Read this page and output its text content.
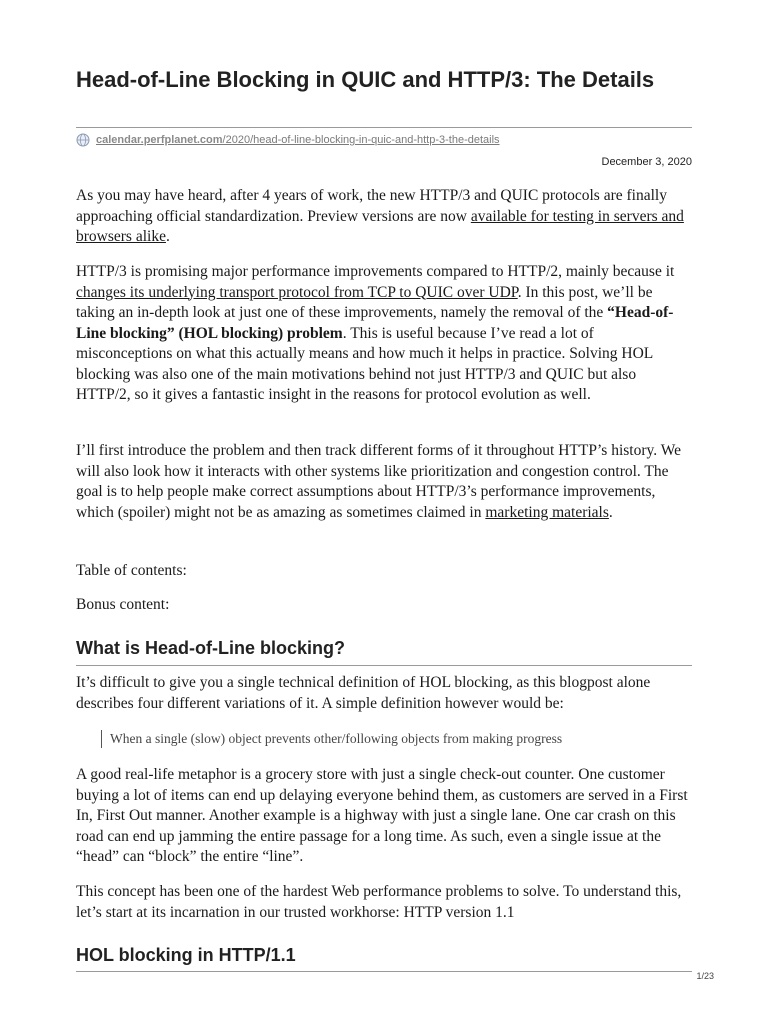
Head-of-Line Blocking in QUIC and HTTP/3: The Details
calendar.perfplanet.com/2020/head-of-line-blocking-in-quic-and-http-3-the-details
December 3, 2020

As you may have heard, after 4 years of work, the new HTTP/3 and QUIC protocols are finally approaching official standardization. Preview versions are now available for testing in servers and browsers alike.

HTTP/3 is promising major performance improvements compared to HTTP/2, mainly because it changes its underlying transport protocol from TCP to QUIC over UDP. In this post, we’ll be taking an in-depth look at just one of these improvements, namely the removal of the “Head-of-Line blocking” (HOL blocking) problem. This is useful because I’ve read a lot of misconceptions on what this actually means and how much it helps in practice. Solving HOL blocking was also one of the main motivations behind not just HTTP/3 and QUIC but also HTTP/2, so it gives a fantastic insight in the reasons for protocol evolution as well.

I’ll first introduce the problem and then track different forms of it throughout HTTP’s history. We will also look how it interacts with other systems like prioritization and congestion control. The goal is to help people make correct assumptions about HTTP/3’s performance improvements, which (spoiler) might not be as amazing as sometimes claimed in marketing materials.

Table of contents:

Bonus content:

What is Head-of-Line blocking?

It’s difficult to give you a single technical definition of HOL blocking, as this blogpost alone describes four different variations of it. A simple definition however would be:

When a single (slow) object prevents other/following objects from making progress

A good real-life metaphor is a grocery store with just a single check-out counter. One customer buying a lot of items can end up delaying everyone behind them, as customers are served in a First In, First Out manner. Another example is a highway with just a single lane. One car crash on this road can end up jamming the entire passage for a long time. As such, even a single issue at the “head” can “block” the entire “line”.

This concept has been one of the hardest Web performance problems to solve. To understand this, let’s start at its incarnation in our trusted workhorse: HTTP version 1.1

HOL blocking in HTTP/1.1
1/23
